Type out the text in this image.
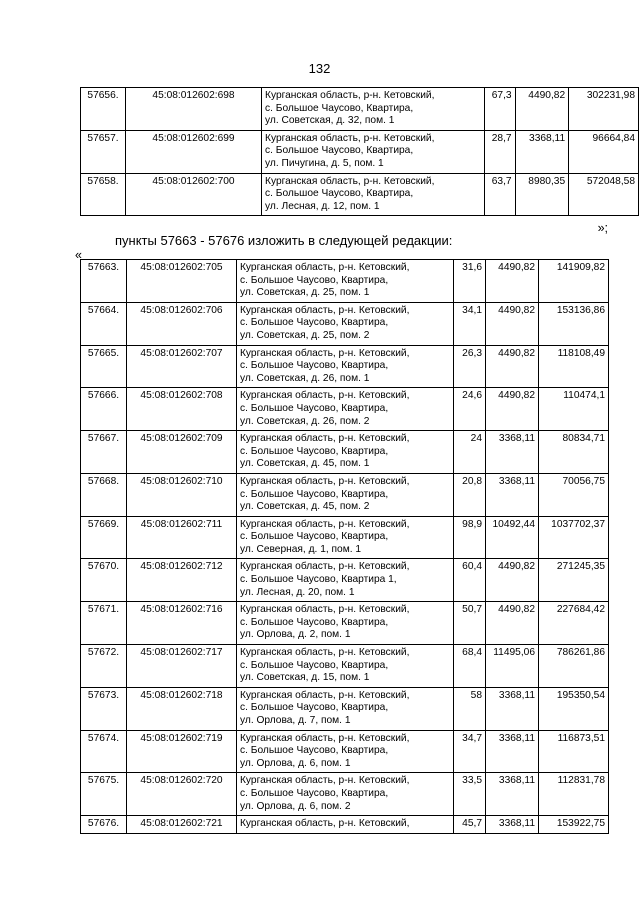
132
57656.	45:08:012602:698	Курганская область, р-н. Кетовский,
с. Большое Чаусово, Квартира,
ул. Советская, д. 32, пом. 1	67,3	4490,82	302231,98
57657.	45:08:012602:699	Курганская область, р-н. Кетовский,
с. Большое Чаусово, Квартира,
ул. Пичугина, д. 5, пом. 1	28,7	3368,11	96664,84
57658.	45:08:012602:700	Курганская область, р-н. Кетовский,
с. Большое Чаусово, Квартира,
ул. Лесная, д. 12, пом. 1	63,7	8980,35	572048,58
»;
пункты 57663 - 57676 изложить в следующей редакции:
«
57663.	45:08:012602:705	Курганская область, р-н. Кетовский,
с. Большое Чаусово, Квартира,
ул. Советская, д. 25, пом. 1	31,6	4490,82	141909,82
57664.	45:08:012602:706	Курганская область, р-н. Кетовский,
с. Большое Чаусово, Квартира,
ул. Советская, д. 25, пом. 2	34,1	4490,82	153136,86
57665.	45:08:012602:707	Курганская область, р-н. Кетовский,
с. Большое Чаусово, Квартира,
ул. Советская, д. 26, пом. 1	26,3	4490,82	118108,49
57666.	45:08:012602:708	Курганская область, р-н. Кетовский,
с. Большое Чаусово, Квартира,
ул. Советская, д. 26, пом. 2	24,6	4490,82	110474,1
57667.	45:08:012602:709	Курганская область, р-н. Кетовский,
с. Большое Чаусово, Квартира,
ул. Советская, д. 45, пом. 1	24	3368,11	80834,71
57668.	45:08:012602:710	Курганская область, р-н. Кетовский,
с. Большое Чаусово, Квартира,
ул. Советская, д. 45, пом. 2	20,8	3368,11	70056,75
57669.	45:08:012602:711	Курганская область, р-н. Кетовский,
с. Большое Чаусово, Квартира,
ул. Северная, д. 1, пом. 1	98,9	10492,44	1037702,37
57670.	45:08:012602:712	Курганская область, р-н. Кетовский,
с. Большое Чаусово, Квартира 1,
ул. Лесная, д. 20, пом. 1	60,4	4490,82	271245,35
57671.	45:08:012602:716	Курганская область, р-н. Кетовский,
с. Большое Чаусово, Квартира,
ул. Орлова, д. 2, пом. 1	50,7	4490,82	227684,42
57672.	45:08:012602:717	Курганская область, р-н. Кетовский,
с. Большое Чаусово, Квартира,
ул. Советская, д. 15, пом. 1	68,4	11495,06	786261,86
57673.	45:08:012602:718	Курганская область, р-н. Кетовский,
с. Большое Чаусово, Квартира,
ул. Орлова, д. 7, пом. 1	58	3368,11	195350,54
57674.	45:08:012602:719	Курганская область, р-н. Кетовский,
с. Большое Чаусово, Квартира,
ул. Орлова, д. 6, пом. 1	34,7	3368,11	116873,51
57675.	45:08:012602:720	Курганская область, р-н. Кетовский,
с. Большое Чаусово, Квартира,
ул. Орлова, д. 6, пом. 2	33,5	3368,11	112831,78
57676.	45:08:012602:721	Курганская область, р-н. Кетовский,	45,7	3368,11	153922,75
